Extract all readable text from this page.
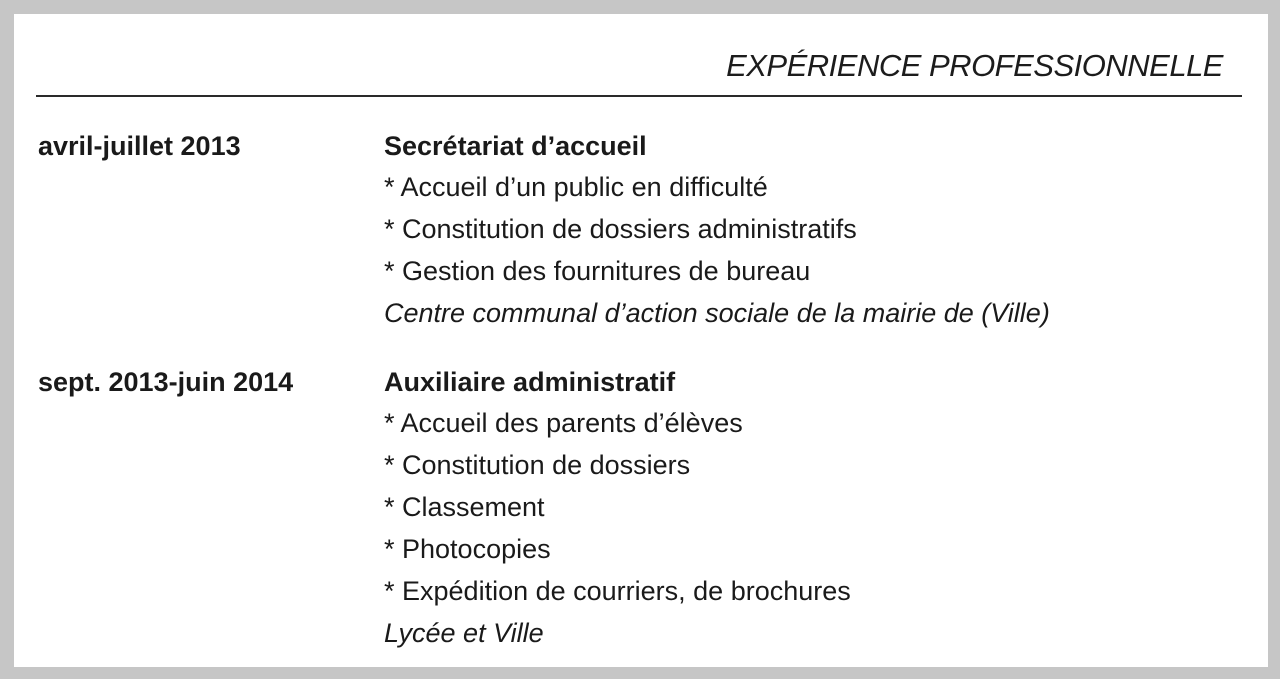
EXPÉRIENCE PROFESSIONNELLE
avril-juillet 2013	Secrétariat d’accueil
* Accueil d’un public en difficulté
* Constitution de dossiers administratifs
* Gestion des fournitures de bureau
Centre communal d’action sociale de la mairie de (Ville)
sept. 2013-juin 2014	Auxiliaire administratif
* Accueil des parents d’élèves
* Constitution de dossiers
* Classement
* Photocopies
* Expédition de courriers, de brochures
Lycée et Ville
